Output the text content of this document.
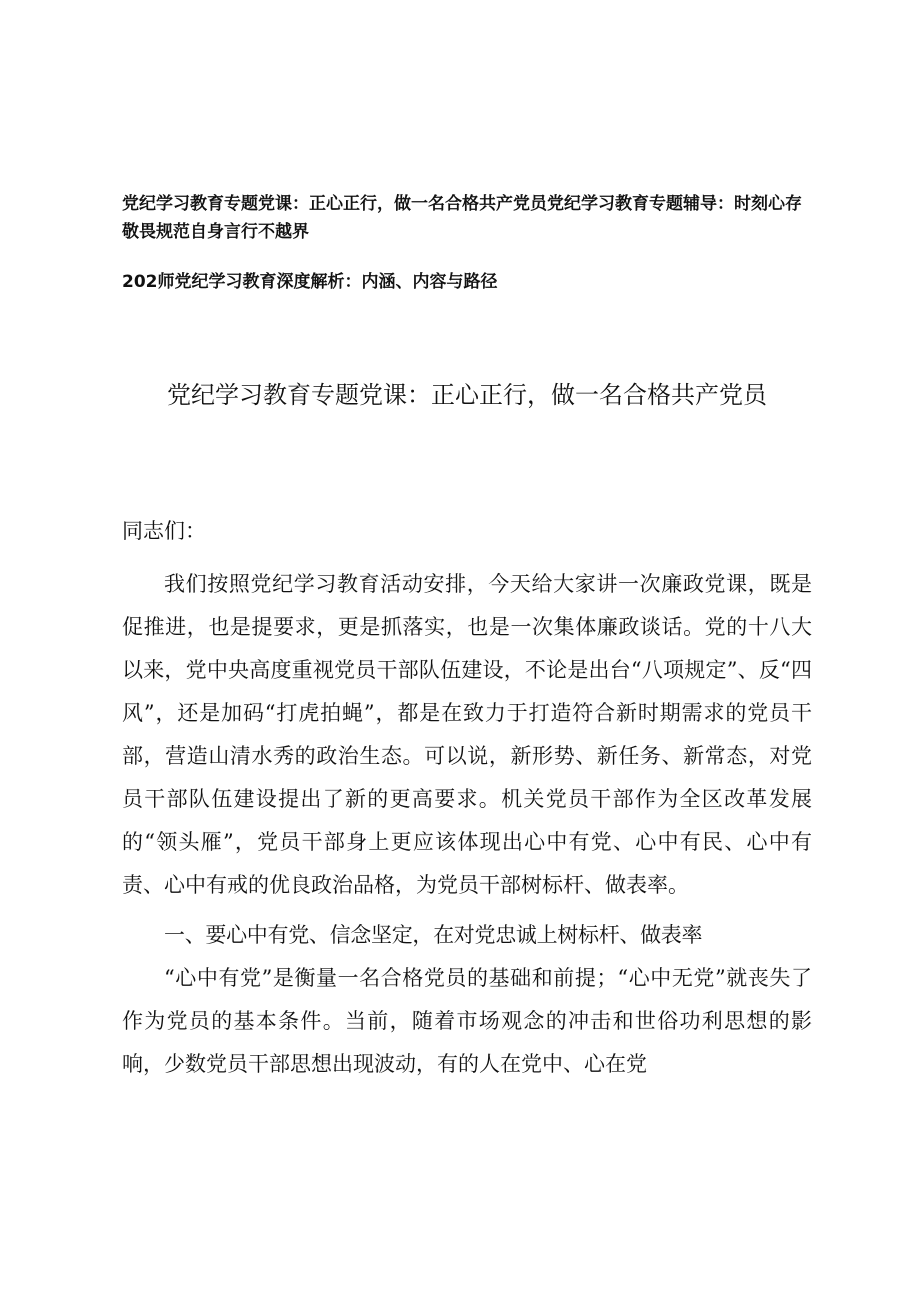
党纪学习教育专题党课：正心正行，做一名合格共产党员党纪学习教育专题辅导：时刻心存敬畏规范自身言行不越界

202师党纪学习教育深度解析：内涵、内容与路径

党纪学习教育专题党课：正心正行，做一名合格共产党员

同志们：

我们按照党纪学习教育活动安排，今天给大家讲一次廉政党课，既是促推进，也是提要求，更是抓落实，也是一次集体廉政谈话。党的十八大以来，党中央高度重视党员干部队伍建设，不论是出台“八项规定”、反“四风”，还是加码“打虎拍蝇”，都是在致力于打造符合新时期需求的党员干部，营造山清水秀的政治生态。可以说，新形势、新任务、新常态，对党员干部队伍建设提出了新的更高要求。机关党员干部作为全区改革发展的“领头雁”，党员干部身上更应该体现出心中有党、心中有民、心中有责、心中有戒的优良政治品格，为党员干部树标杆、做表率。

一、要心中有党、信念坚定，在对党忠诚上树标杆、做表率

“心中有党”是衡量一名合格党员的基础和前提；“心中无党”就丧失了作为党员的基本条件。当前，随着市场观念的冲击和世俗功利思想的影响，少数党员干部思想出现波动，有的人在党中、心在党
